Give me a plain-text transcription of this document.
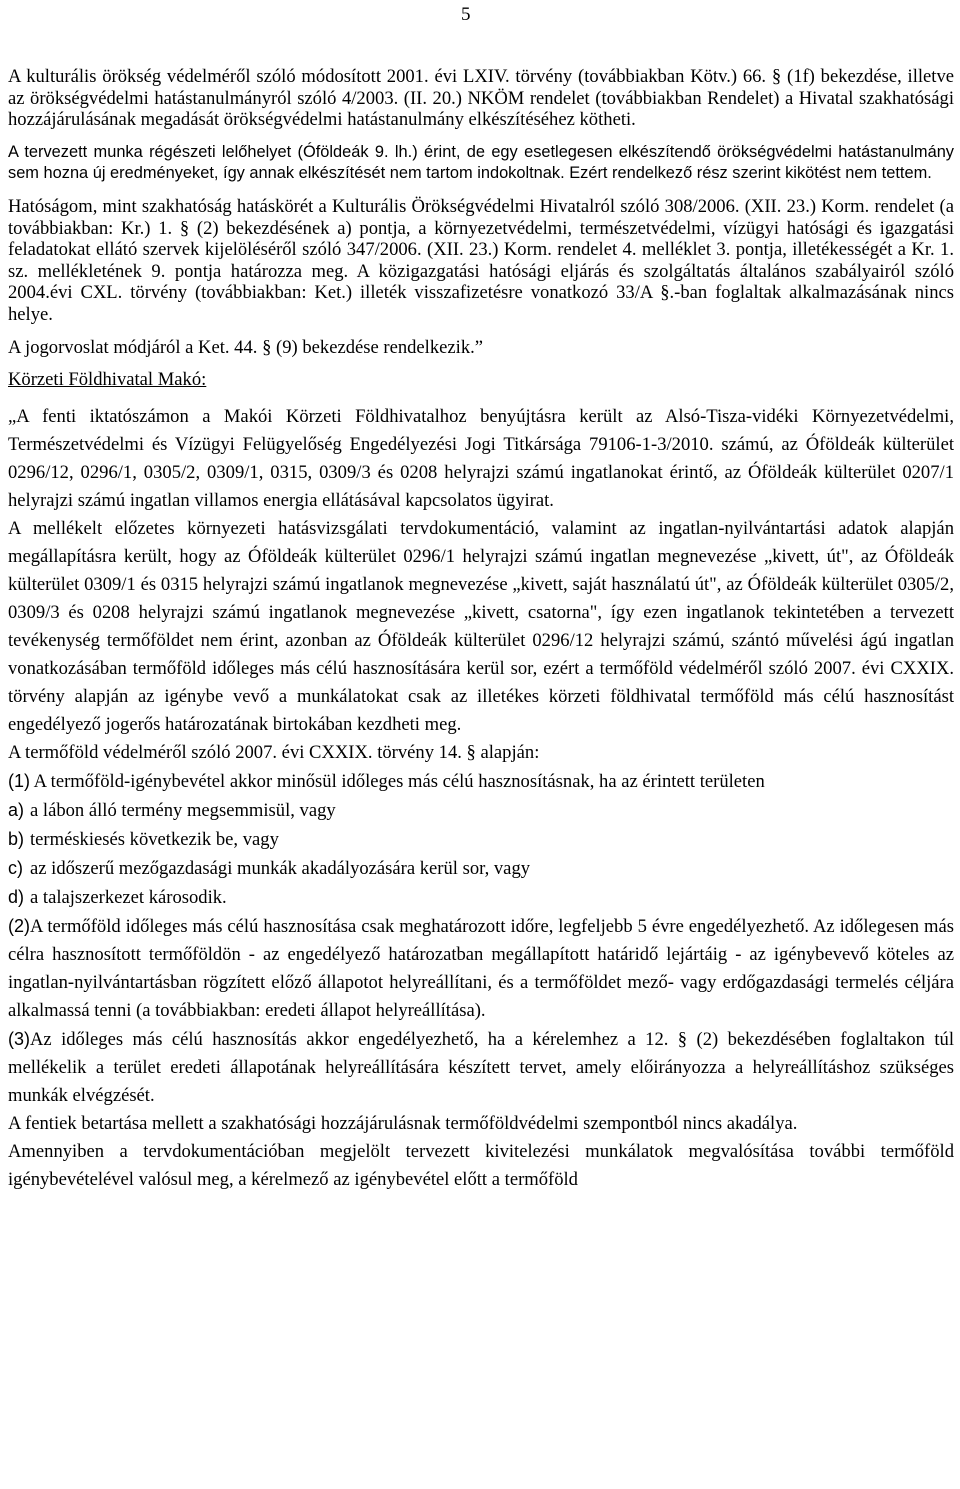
5

A kulturális örökség védelméről szóló módosított 2001. évi LXIV. törvény (továbbiakban Kötv.) 66. § (1f) bekezdése, illetve az örökségvédelmi hatástanulmányról szóló 4/2003. (II. 20.) NKÖM rendelet (továbbiakban Rendelet) a Hivatal szakhatósági hozzájárulásának megadását örökségvédelmi hatástanulmány elkészítéséhez kötheti.

A tervezett munka régészeti lelőhelyet (Óföldeák 9. lh.) érint, de egy esetlegesen elkészítendő örökségvédelmi hatástanulmány sem hozna új eredményeket, így annak elkészítését nem tartom indokoltnak. Ezért rendelkező rész szerint kikötést nem tettem.

Hatóságom, mint szakhatóság hatáskörét a Kulturális Örökségvédelmi Hivatalról szóló 308/2006. (XII. 23.) Korm. rendelet (a továbbiakban: Kr.) 1. § (2) bekezdésének a) pontja, a környezetvédelmi, természetvédelmi, vízügyi hatósági és igazgatási feladatokat ellátó szervek kijelöléséről szóló 347/2006. (XII. 23.) Korm. rendelet 4. melléklet 3. pontja, illetékességét a Kr. 1. sz. mellékletének 9. pontja határozza meg. A közigazgatási hatósági eljárás és szolgáltatás általános szabályairól szóló 2004.évi CXL. törvény (továbbiakban: Ket.) illeték visszafizetésre vonatkozó 33/A §.-ban foglaltak alkalmazásának nincs helye.

A jogorvoslat módjáról a Ket. 44. § (9) bekezdése rendelkezik.”

Körzeti Földhivatal Makó:

„A fenti iktatószámon a Makói Körzeti Földhivatalhoz benyújtásra került az Alsó-Tisza-vidéki Környezetvédelmi, Természetvédelmi és Vízügyi Felügyelőség Engedélyezési Jogi Titkársága 79106-1-3/2010. számú, az Óföldeák külterület 0296/12, 0296/1, 0305/2, 0309/1, 0315, 0309/3 és 0208 helyrajzi számú ingatlanokat érintő, az Óföldeák külterület 0207/1 helyrajzi számú ingatlan villamos energia ellátásával kapcsolatos ügyirat.

A mellékelt előzetes környezeti hatásvizsgálati tervdokumentáció, valamint az ingatlan-nyilvántartási adatok alapján megállapításra került, hogy az Óföldeák külterület 0296/1 helyrajzi számú ingatlan megnevezése „kivett, út", az Óföldeák külterület 0309/1 és 0315 helyrajzi számú ingatlanok megnevezése „kivett, saját használatú út", az Óföldeák külterület 0305/2, 0309/3 és 0208 helyrajzi számú ingatlanok megnevezése „kivett, csatorna", így ezen ingatlanok tekintetében a tervezett tevékenység termőföldet nem érint, azonban az Óföldeák külterület 0296/12 helyrajzi számú, szántó művelési ágú ingatlan vonatkozásában termőföld időleges más célú hasznosítására kerül sor, ezért a termőföld védelméről szóló 2007. évi CXXIX. törvény alapján az igénybe vevő a munkálatokat csak az illetékes körzeti földhivatal termőföld más célú hasznosítást engedélyező jogerős határozatának birtokában kezdheti meg.

A termőföld védelméről szóló 2007. évi CXXIX. törvény 14. § alapján:

(1) A termőföld-igénybevétel akkor minősül időleges más célú hasznosításnak, ha az érintett területen

a) a lábon álló termény megsemmisül, vagy

b) terméskiesés következik be, vagy

c) az időszerű mezőgazdasági munkák akadályozására kerül sor, vagy

d) a talajszerkezet károsodik.

(2)A termőföld időleges más célú hasznosítása csak meghatározott időre, legfeljebb 5 évre engedélyezhető. Az időlegesen más célra hasznosított termőföldön - az engedélyező határozatban megállapított határidő lejártáig - az igénybevevő köteles az ingatlan-nyilvántartásban rögzített előző állapotot helyreállítani, és a termőföldet mező- vagy erdőgazdasági termelés céljára alkalmassá tenni (a továbbiakban: eredeti állapot helyreállítása).

(3)Az időleges más célú hasznosítás akkor engedélyezhető, ha a kérelemhez a 12. § (2) bekezdésében foglaltakon túl mellékelik a terület eredeti állapotának helyreállítására készített tervet, amely előirányozza a helyreállításhoz szükséges munkák elvégzését.

A fentiek betartása mellett a szakhatósági hozzájárulásnak termőföldvédelmi szempontból nincs akadálya.

Amennyiben a tervdokumentációban megjelölt tervezett kivitelezési munkálatok megvalósítása további termőföld igénybevételével valósul meg, a kérelmező az igénybevétel előtt a termőföld
